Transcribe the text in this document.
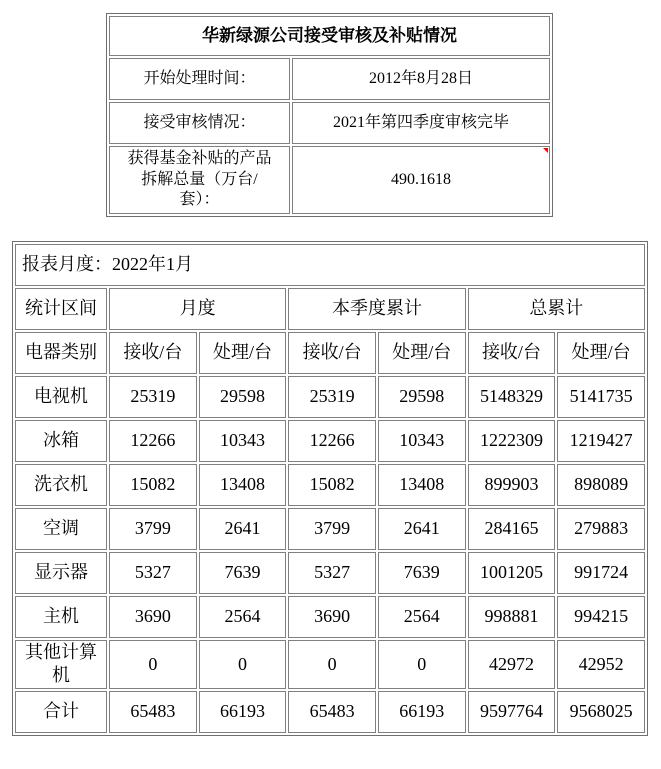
华新绿源公司接受审核及补贴情况	
开始处理时间：	2012年8月28日
接受审核情况：	2021年第四季度审核完毕
获得基金补贴的产品拆解总量（万台/套）：	490.1618
报表月度：2022年1月						
统计区间	月度		本季度累计		总累计	
电器类别	接收/台	处理/台	接收/台	处理/台	接收/台	处理/台
电视机	25319	29598	25319	29598	5148329	5141735
冰箱	12266	10343	12266	10343	1222309	1219427
洗衣机	15082	13408	15082	13408	899903	898089
空调	3799	2641	3799	2641	284165	279883
显示器	5327	7639	5327	7639	1001205	991724
主机	3690	2564	3690	2564	998881	994215
其他计算机	0	0	0	0	42972	42952
合计	65483	66193	65483	66193	9597764	9568025
